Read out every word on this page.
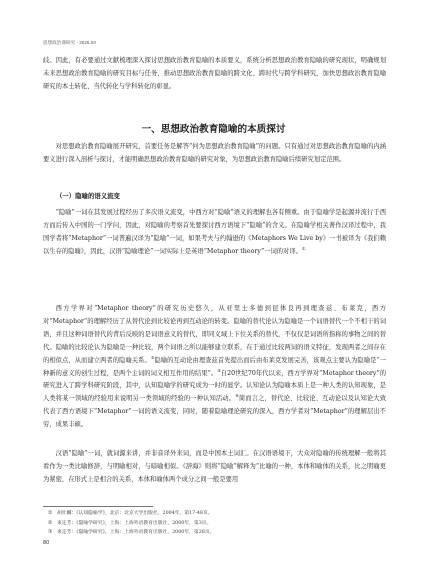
思想政治课研究 · 2025.03

歧。因此，有必要通过文献梳理深入探讨思想政治教育隐喻的本质要义，系统分析思想政治教育隐喻的研究现状，明确规划未来思想政治教育隐喻的研究目标与任务，推动思想政治教育隐喻的跨文化、跨时代与跨学科研究，加快思想政治教育隐喻研究的本土转化、当代转化与学科转化的彰显。

一、思想政治教育隐喻的本质探讨

对思想政治教育隐喻展开研究，首要任务是解答“何为思想政治教育隐喻”的问题。只有通过对思想政治教育隐喻的内涵要义进行深入剖析与探讨，才能明确思想政治教育隐喻的研究对象，为思想政治教育隐喻后续研究划定范围。

（一）隐喻的语义流变

“隐喻”一词在其发展过程经历了多次语义流变，中西方对“隐喻”语义的理解也各有侧重。由于隐喻学是起源并流行于西方而后传入中国的一门学问，因此，对隐喻的考察首先要探讨西方语境下“隐喻”的含义。在隐喻学相关著作汉译过程中，我国学者将“Metaphor”一词普遍汉译为“隐喻”一词，如果考夫与约翰逊的《Metaphors We Live by》一书被译为《我们赖以生存的隐喻》，因此，汉语“隐喻理论”一词实际上是英语“Metaphor theory”一词的对译。①

西方学界对“Metaphor theory”的研究历史悠久，从亚里士多德到昆体良再到理查兹、布莱克，西方对“Metaphor”的理解经历了从替代论到比较论再到互动论的转变。隐喻的替代论认为隐喻是一个词语替代一个不相干的词语，并且这种词语替代的背后反映的是词语意义的替代，即同义域上下位关系的替代，不仅仅是词语所指称的事物之间的替代。隐喻的比较论认为隐喻是一种比较，两个词语之所以能够建立联系，在于通过比较两词的语义特征，发现两者之间存在的相似点，从而建立两者的隐喻关系。②隐喻的互动论由理查兹首先提出而后由布莱克发展完善，该观点主要认为隐喻是“一种新的意义的创生过程，是两个主词的词义相互作用的结果”。③自20世纪70年代以来，西方学界对“Metaphor theory”的研究进入了跨学科研究阶段，其中，认知隐喻学的研究成为一时的显学。认知论认为隐喻本质上是一种人类的认知现象，是人类将某一领域的经验用来说明另一类领域的经验的一种认知活动。④简而言之，替代论、比较论、互动论以及认知论大致代表了西方语境下“Metaphor”一词的语义流变，同时，随着隐喻理论研究的深入，西方学者对“Metaphor”的理解层出不穷，成果丰硕。

汉语“隐喻”一词，就词源来讲，并非音译外来词，而是中国本土词汇。在汉语语境下，大众对隐喻的传统理解一般将其看作为一类比喻修辞，与明喻相对，与暗喻相似。《辞海》则将“隐喻”解释为“比喻的一种，本体和喻体的关系，比之明喻更为紧密，在形式上是相合的关系，本体和喻体两个成分之间一般是要用

① 胡壮麟：《认知隐喻学》，北京：北京大学出版社，2004年，第17-48页。
② 束定芳：《隐喻学研究》，上海：上海外语教育出版社，2000年，第3页。
③ 束定芳：《隐喻学研究》，上海：上海外语教育出版社，2000年，第28页。
80
